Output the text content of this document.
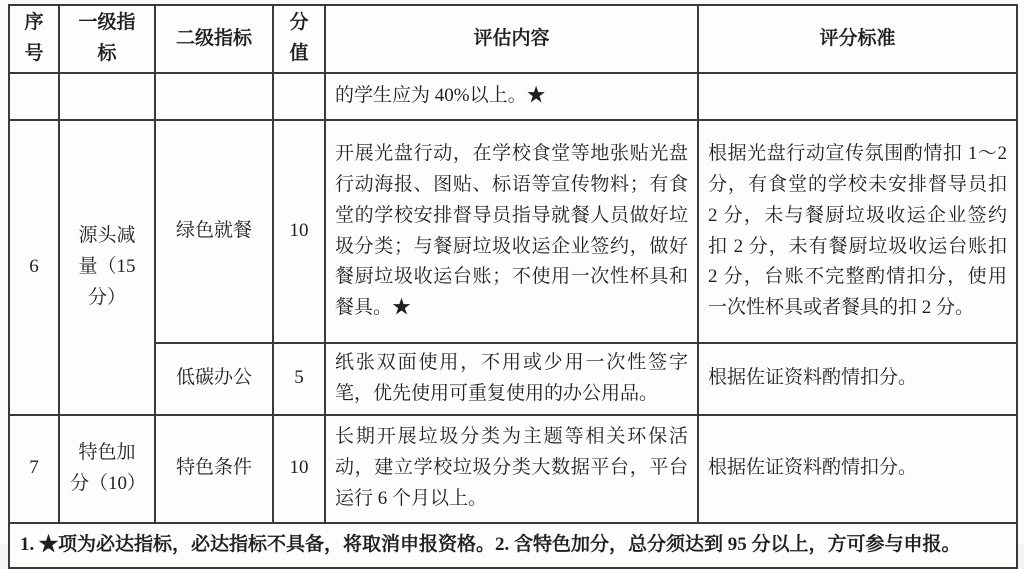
序号	一级指标	二级指标	分值	评估内容	评分标准
				的学生应为 40%以上。★	
6	源头减量（15 分）	绿色就餐	10	开展光盘行动，在学校食堂等地张贴光盘行动海报、图贴、标语等宣传物料；有食堂的学校安排督导员指导就餐人员做好垃圾分类；与餐厨垃圾收运企业签约，做好餐厨垃圾收运台账；不使用一次性杯具和餐具。★	根据光盘行动宣传氛围酌情扣 1～2 分，有食堂的学校未安排督导员扣 2 分，未与餐厨垃圾收运企业签约扣 2 分，未有餐厨垃圾收运台账扣 2 分，台账不完整酌情扣分，使用一次性杯具或者餐具的扣 2 分。
		低碳办公	5	纸张双面使用，不用或少用一次性签字笔，优先使用可重复使用的办公用品。	根据佐证资料酌情扣分。
7	特色加分（10）	特色条件	10	长期开展垃圾分类为主题等相关环保活动，建立学校垃圾分类大数据平台，平台运行 6 个月以上。	根据佐证资料酌情扣分。
1. ★项为必达指标，必达指标不具备，将取消申报资格。2. 含特色加分，总分须达到 95 分以上，方可参与申报。					
